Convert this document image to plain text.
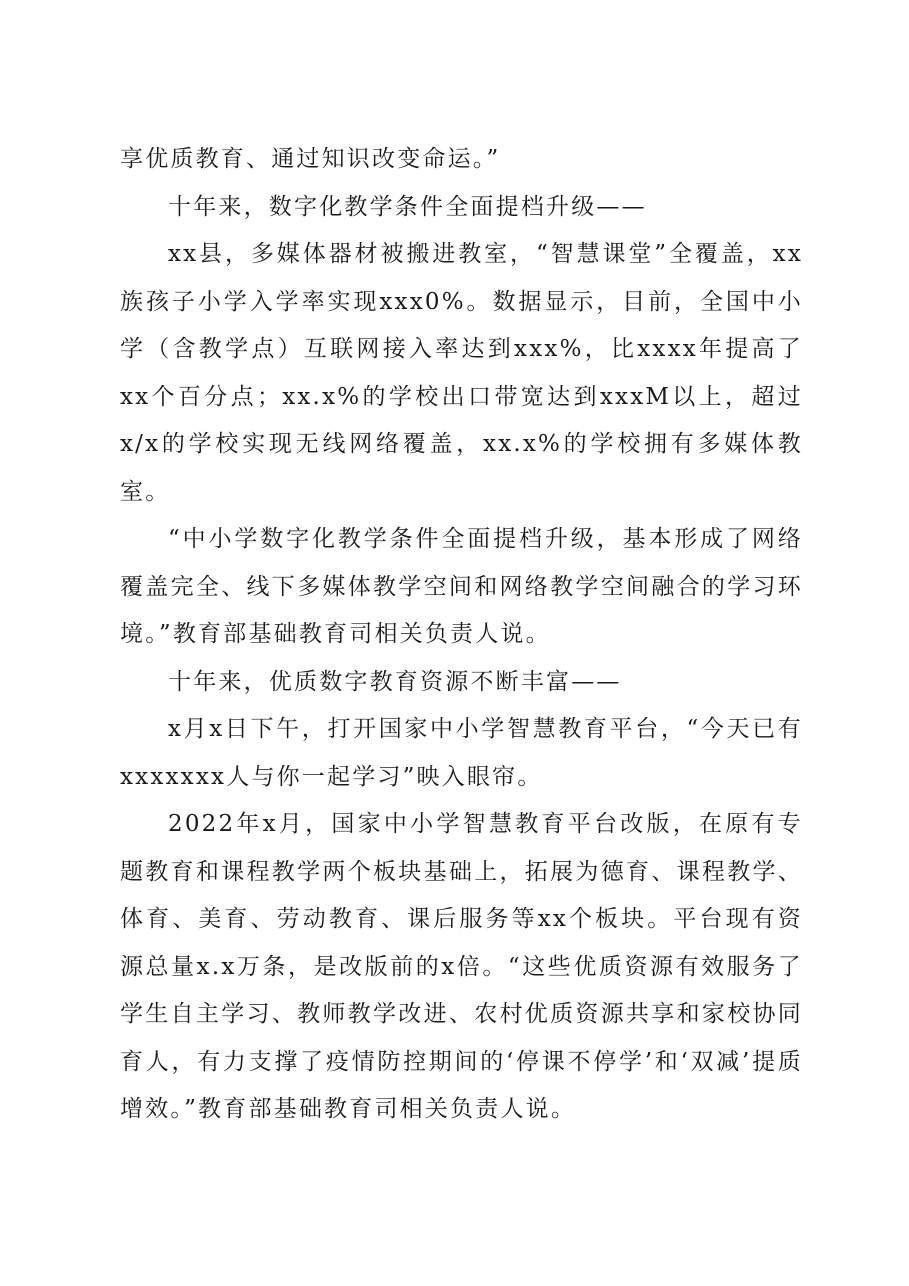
享优质教育、通过知识改变命运。”

十年来，数字化教学条件全面提档升级——

xx县，多媒体器材被搬进教室，“智慧课堂”全覆盖，xx族孩子小学入学率实现xxx0%。数据显示，目前，全国中小学（含教学点）互联网接入率达到xxx%，比xxxx年提高了xx个百分点；xx.x%的学校出口带宽达到xxxM以上，超过x/x的学校实现无线网络覆盖，xx.x%的学校拥有多媒体教室。

“中小学数字化教学条件全面提档升级，基本形成了网络覆盖完全、线下多媒体教学空间和网络教学空间融合的学习环境。”教育部基础教育司相关负责人说。

十年来，优质数字教育资源不断丰富——

x月x日下午，打开国家中小学智慧教育平台，“今天已有xxxxxxx人与你一起学习”映入眼帘。

2022年x月，国家中小学智慧教育平台改版，在原有专题教育和课程教学两个板块基础上，拓展为德育、课程教学、体育、美育、劳动教育、课后服务等xx个板块。平台现有资源总量x.x万条，是改版前的x倍。“这些优质资源有效服务了学生自主学习、教师教学改进、农村优质资源共享和家校协同育人，有力支撑了疫情防控期间的‘停课不停学’和‘双减’提质增效。”教育部基础教育司相关负责人说。
